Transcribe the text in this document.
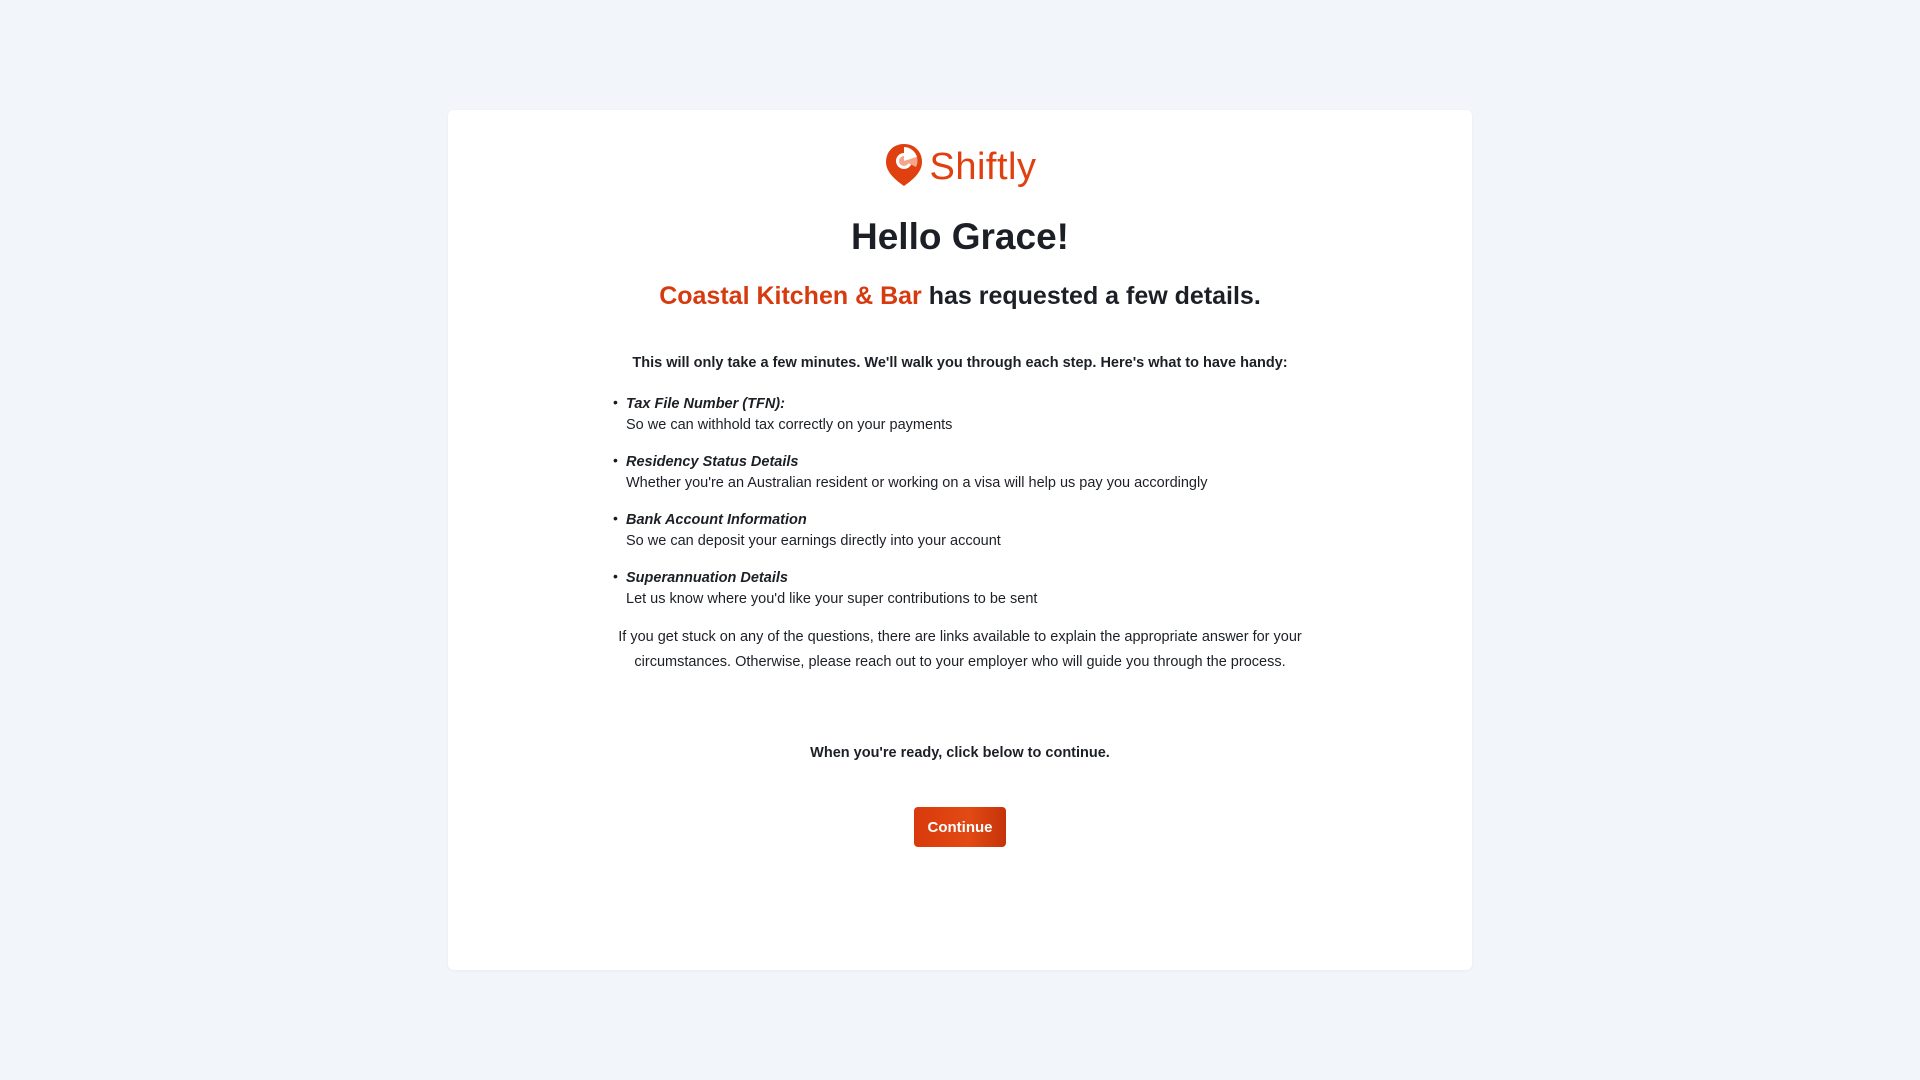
Shiftly
Hello Grace!
Coastal Kitchen & Bar has requested a few details.

This will only take a few minutes. We'll walk you through each step. Here's what to have handy:

• Tax File Number (TFN):
So we can withhold tax correctly on your payments
• Residency Status Details
Whether you're an Australian resident or working on a visa will help us pay you accordingly
• Bank Account Information
So we can deposit your earnings directly into your account
• Superannuation Details
Let us know where you'd like your super contributions to be sent

If you get stuck on any of the questions, there are links available to explain the appropriate answer for your circumstances. Otherwise, please reach out to your employer who will guide you through the process.

When you're ready, click below to continue.

Continue
